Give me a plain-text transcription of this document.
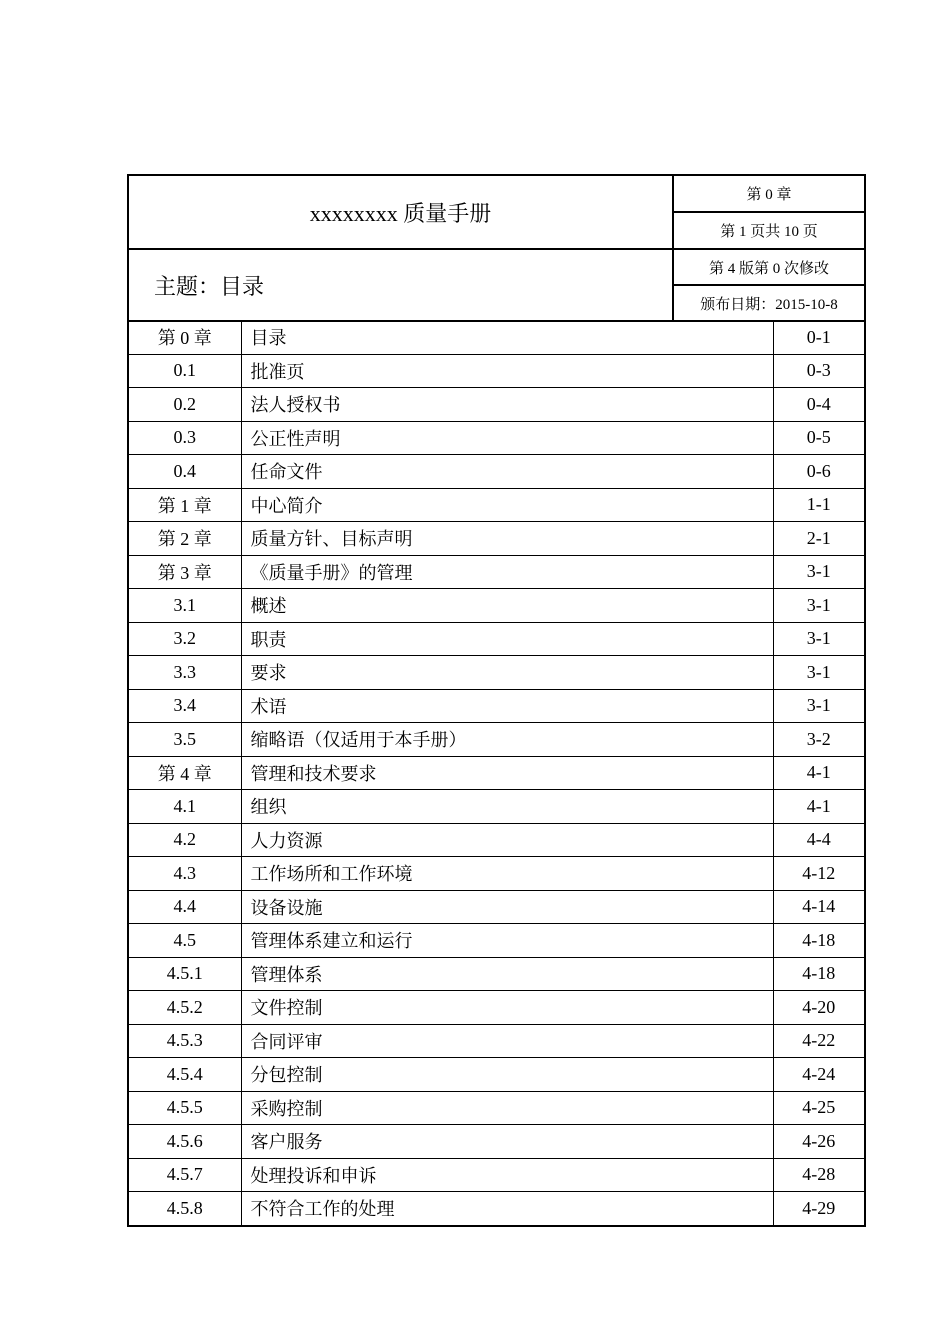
xxxxxxxx 质量手册	第 0 章
	第 1 页共 10 页
主题：目录	第 4 版第 0 次修改
	颁布日期：2015-10-8
第 0 章	目录	0-1
0.1	批准页	0-3
0.2	法人授权书	0-4
0.3	公正性声明	0-5
0.4	任命文件	0-6
第 1 章	中心简介	1-1
第 2 章	质量方针、目标声明	2-1
第 3 章	《质量手册》的管理	3-1
3.1	概述	3-1
3.2	职责	3-1
3.3	要求	3-1
3.4	术语	3-1
3.5	缩略语（仅适用于本手册）	3-2
第 4 章	管理和技术要求	4-1
4.1	组织	4-1
4.2	人力资源	4-4
4.3	工作场所和工作环境	4-12
4.4	设备设施	4-14
4.5	管理体系建立和运行	4-18
4.5.1	管理体系	4-18
4.5.2	文件控制	4-20
4.5.3	合同评审	4-22
4.5.4	分包控制	4-24
4.5.5	采购控制	4-25
4.5.6	客户服务	4-26
4.5.7	处理投诉和申诉	4-28
4.5.8	不符合工作的处理	4-29
